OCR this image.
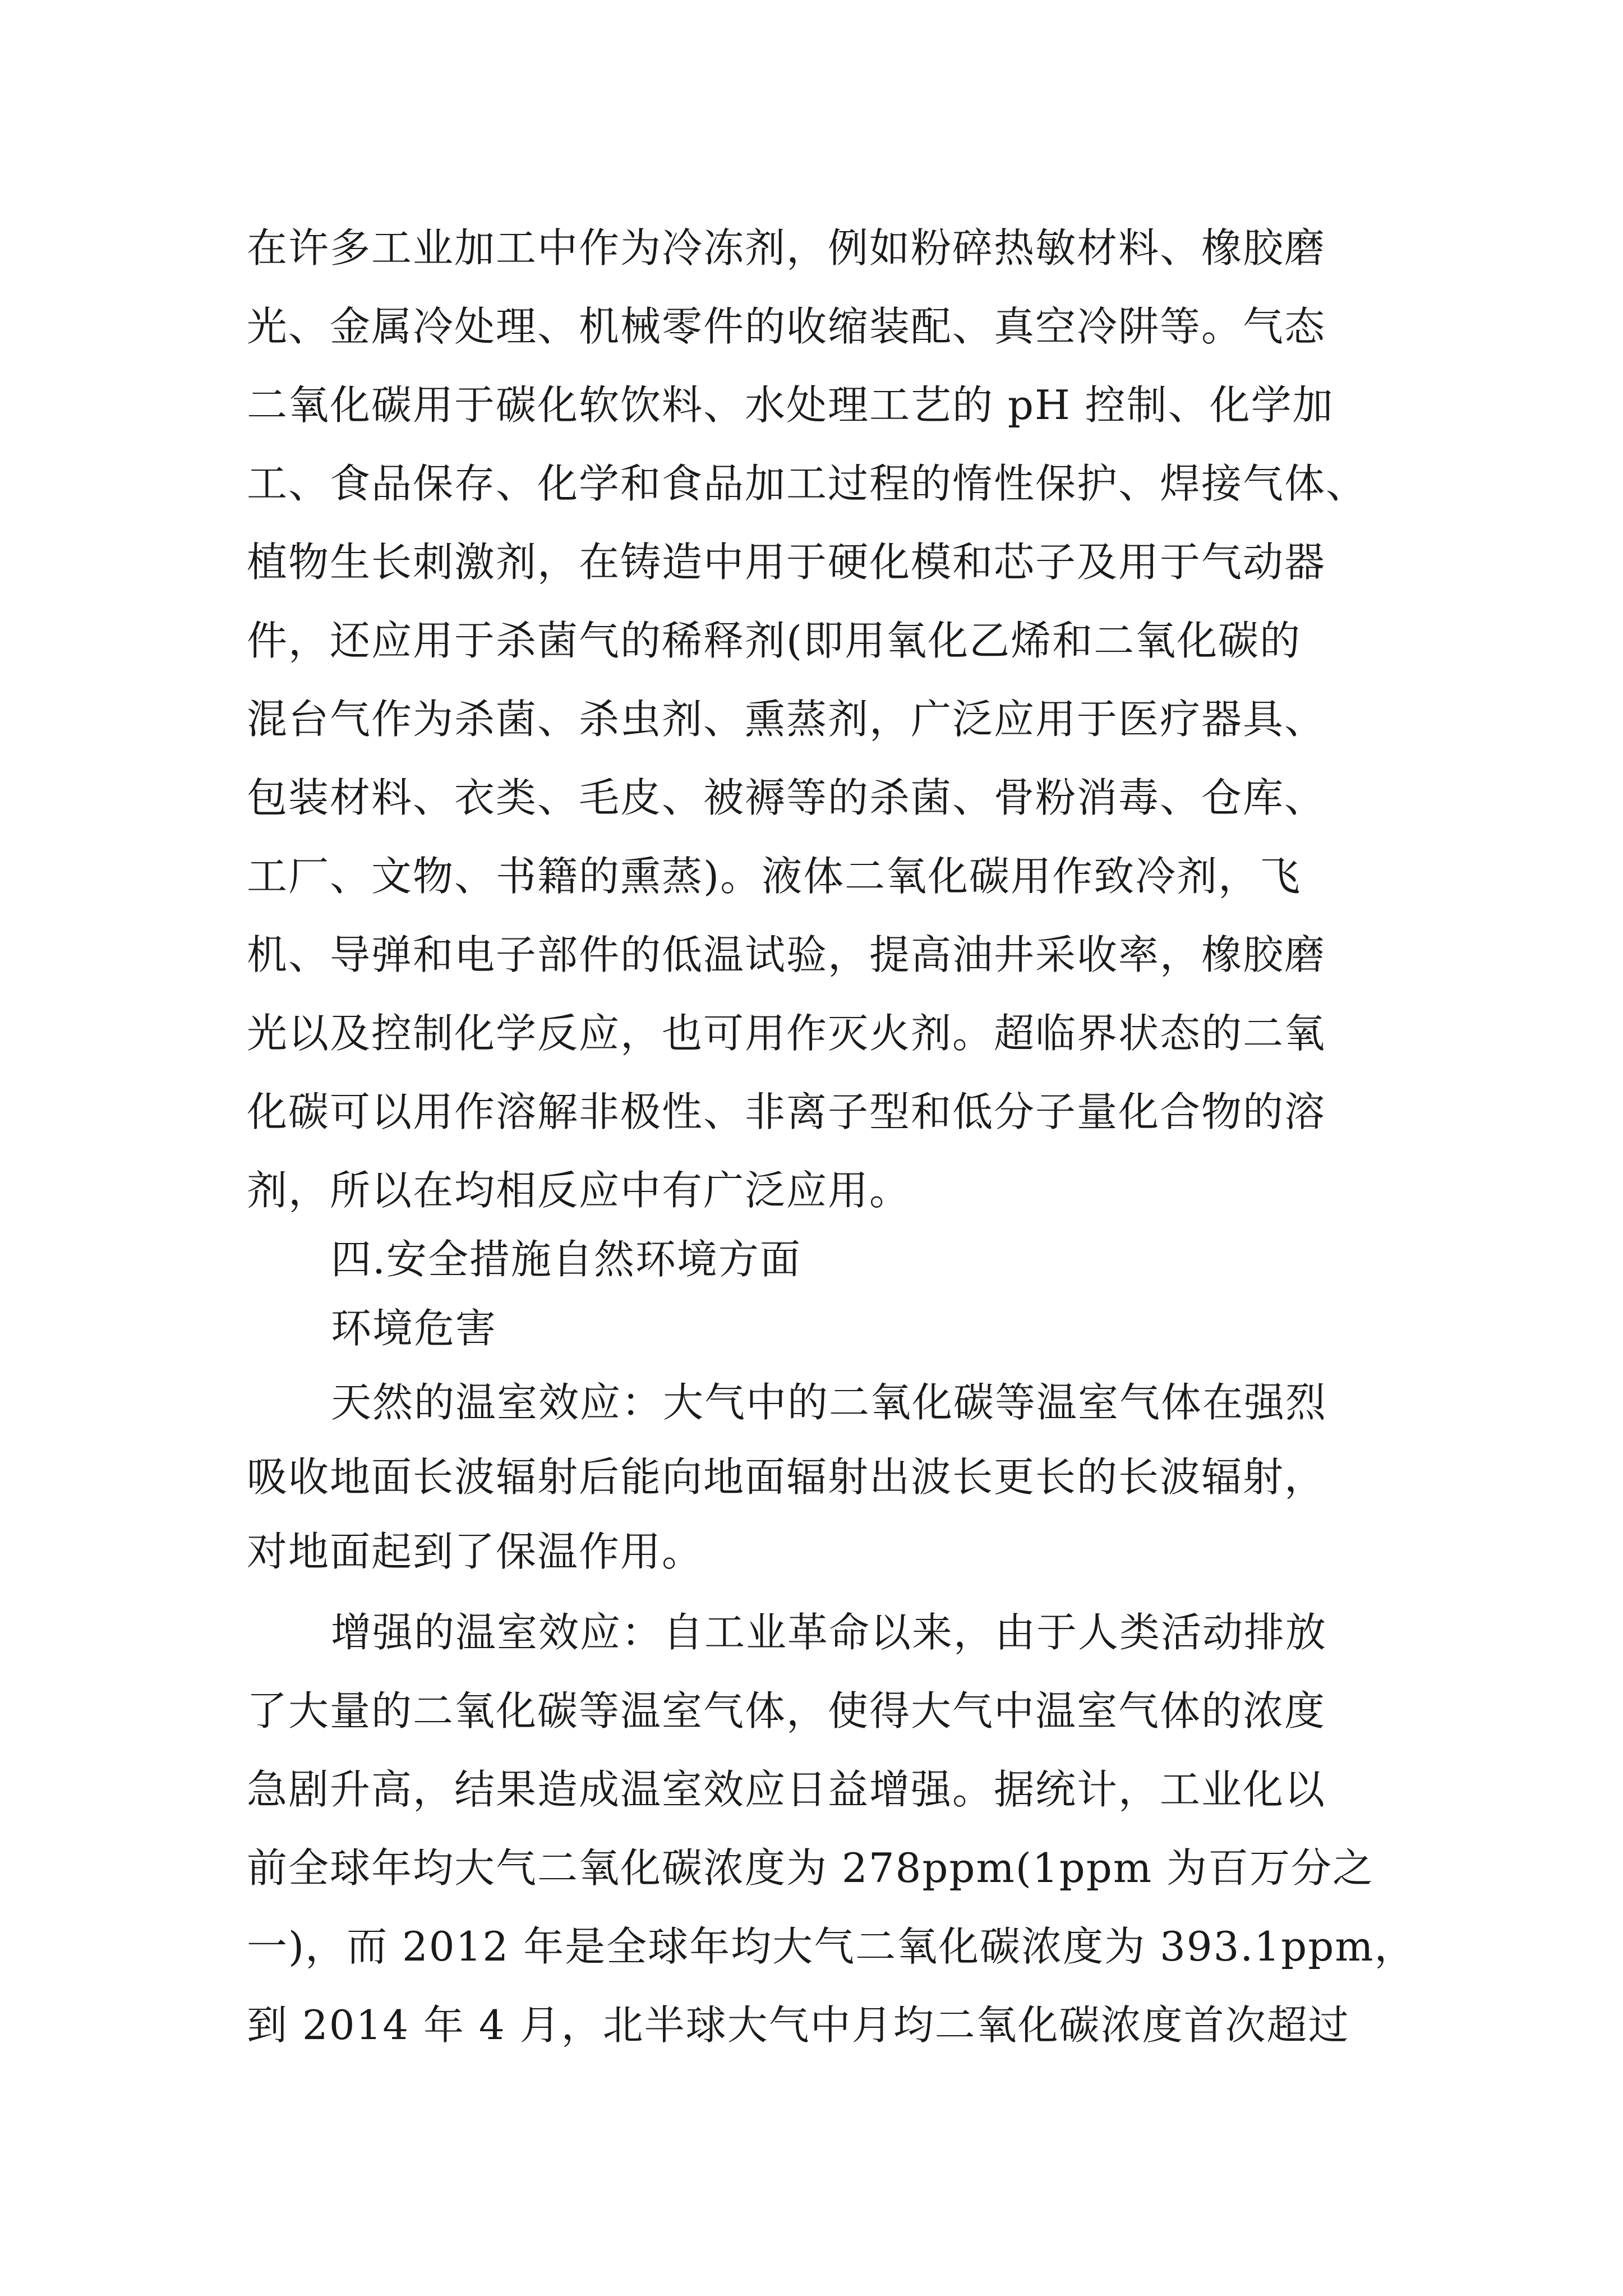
在许多工业加工中作为冷冻剂，例如粉碎热敏材料、橡胶磨
光、金属冷处理、机械零件的收缩装配、真空冷阱等。气态
二氧化碳用于碳化软饮料、水处理工艺的 pH 控制、化学加
工、食品保存、化学和食品加工过程的惰性保护、焊接气体、
植物生长刺激剂，在铸造中用于硬化模和芯子及用于气动器
件，还应用于杀菌气的稀释剂(即用氧化乙烯和二氧化碳的
混台气作为杀菌、杀虫剂、熏蒸剂，广泛应用于医疗器具、
包装材料、衣类、毛皮、被褥等的杀菌、骨粉消毒、仓库、
工厂、文物、书籍的熏蒸)。液体二氧化碳用作致冷剂，飞
机、导弹和电子部件的低温试验，提高油井采收率，橡胶磨
光以及控制化学反应，也可用作灭火剂。超临界状态的二氧
化碳可以用作溶解非极性、非离子型和低分子量化合物的溶
剂，所以在均相反应中有广泛应用。
四.安全措施自然环境方面
环境危害
天然的温室效应：大气中的二氧化碳等温室气体在强烈
吸收地面长波辐射后能向地面辐射出波长更长的长波辐射，
对地面起到了保温作用。
增强的温室效应：自工业革命以来，由于人类活动排放
了大量的二氧化碳等温室气体，使得大气中温室气体的浓度
急剧升高，结果造成温室效应日益增强。据统计，工业化以
前全球年均大气二氧化碳浓度为 278ppm(1ppm 为百万分之
一)，而 2012 年是全球年均大气二氧化碳浓度为 393.1ppm，
到 2014 年 4 月，北半球大气中月均二氧化碳浓度首次超过
